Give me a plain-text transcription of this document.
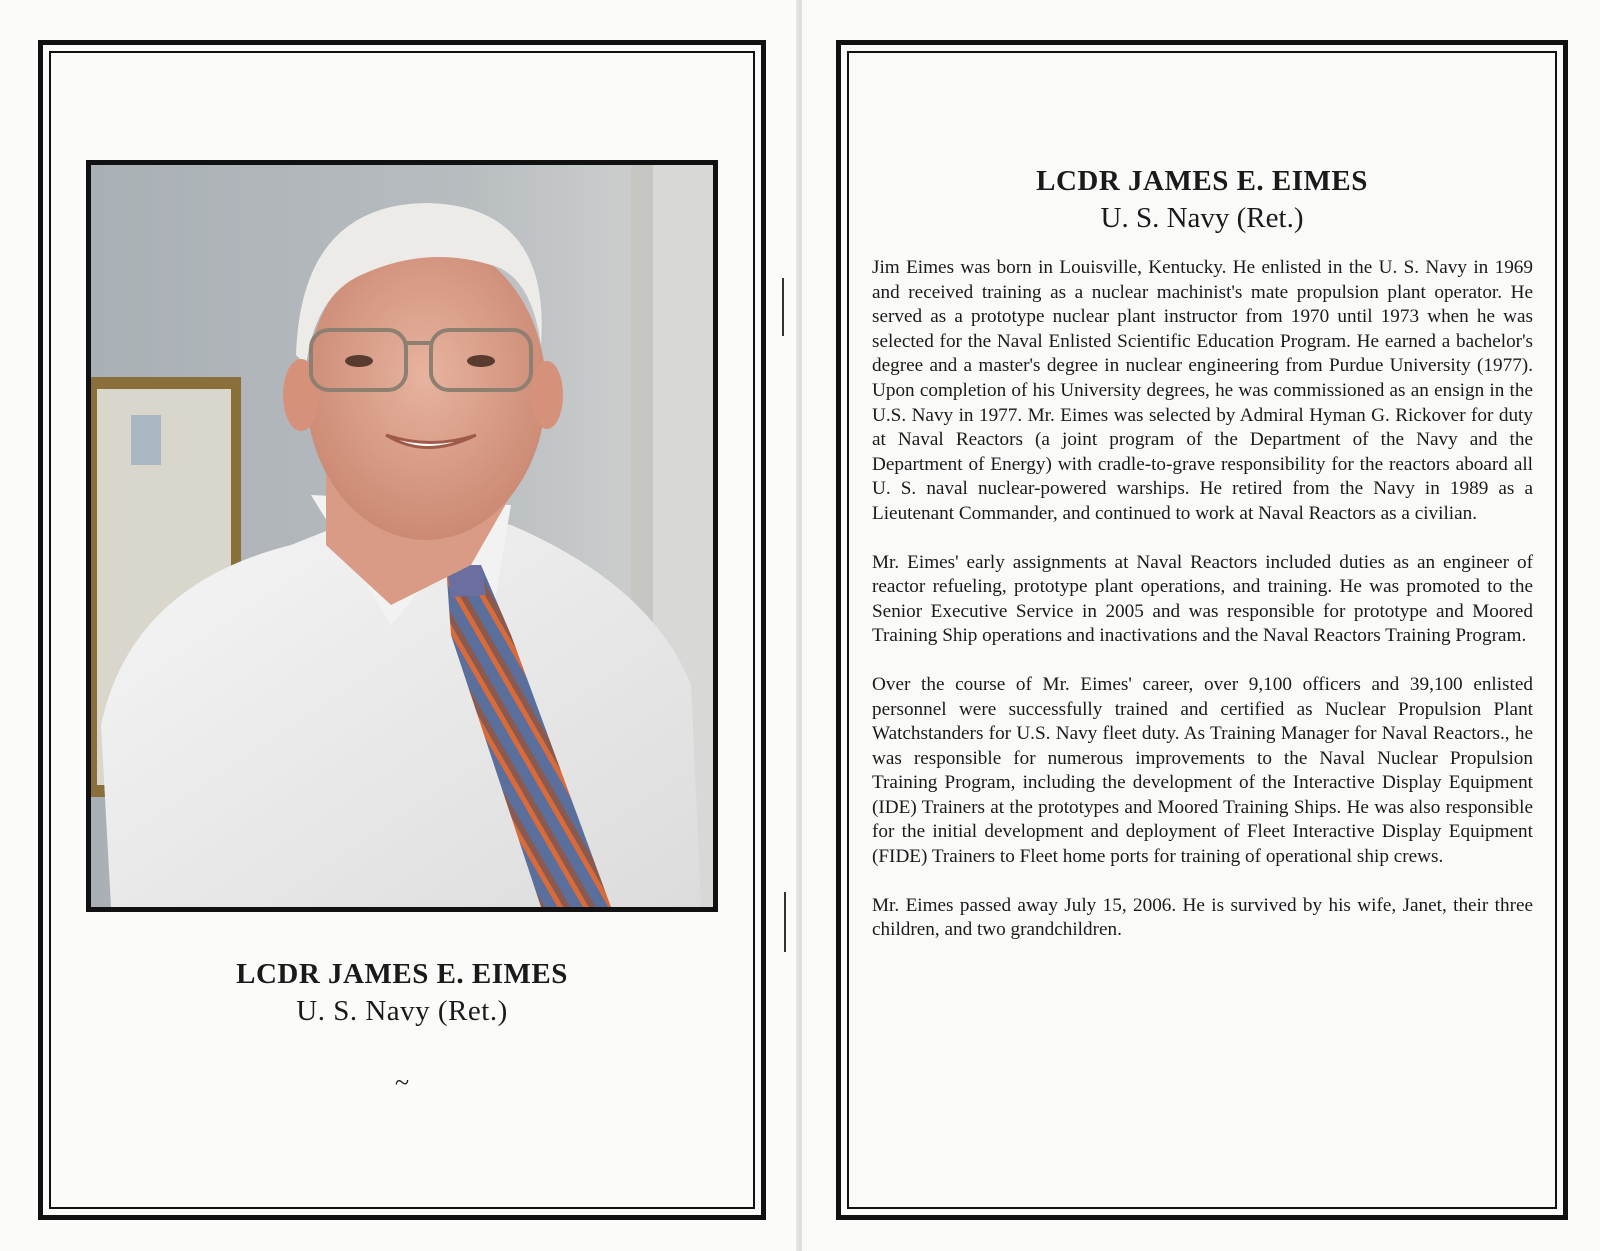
LCDR JAMES E. EIMES
U. S. Navy (Ret.)
~
LCDR JAMES E. EIMES
U. S. Navy (Ret.)

Jim Eimes was born in Louisville, Kentucky. He enlisted in the U. S. Navy in 1969 and received training as a nuclear machinist's mate propulsion plant operator. He served as a prototype nuclear plant instructor from 1970 until 1973 when he was selected for the Naval Enlisted Scientific Education Program. He earned a bachelor's degree and a master's degree in nuclear engineering from Purdue University (1977). Upon completion of his University degrees, he was commissioned as an ensign in the U.S. Navy in 1977. Mr. Eimes was selected by Admiral Hyman G. Rickover for duty at Naval Reactors (a joint program of the Department of the Navy and the Department of Energy) with cradle-to-grave responsibility for the reactors aboard all U. S. naval nuclear-powered warships. He retired from the Navy in 1989 as a Lieutenant Commander, and continued to work at Naval Reactors as a civilian.

Mr. Eimes' early assignments at Naval Reactors included duties as an engineer of reactor refueling, prototype plant operations, and training. He was promoted to the Senior Executive Service in 2005 and was responsible for prototype and Moored Training Ship operations and inactivations and the Naval Reactors Training Program.

Over the course of Mr. Eimes' career, over 9,100 officers and 39,100 enlisted personnel were successfully trained and certified as Nuclear Propulsion Plant Watchstanders for U.S. Navy fleet duty. As Training Manager for Naval Reactors., he was responsible for numerous improvements to the Naval Nuclear Propulsion Training Program, including the development of the Interactive Display Equipment (IDE) Trainers at the prototypes and Moored Training Ships. He was also responsible for the initial development and deployment of Fleet Interactive Display Equipment (FIDE) Trainers to Fleet home ports for training of operational ship crews.

Mr. Eimes passed away July 15, 2006. He is survived by his wife, Janet, their three children, and two grandchildren.
